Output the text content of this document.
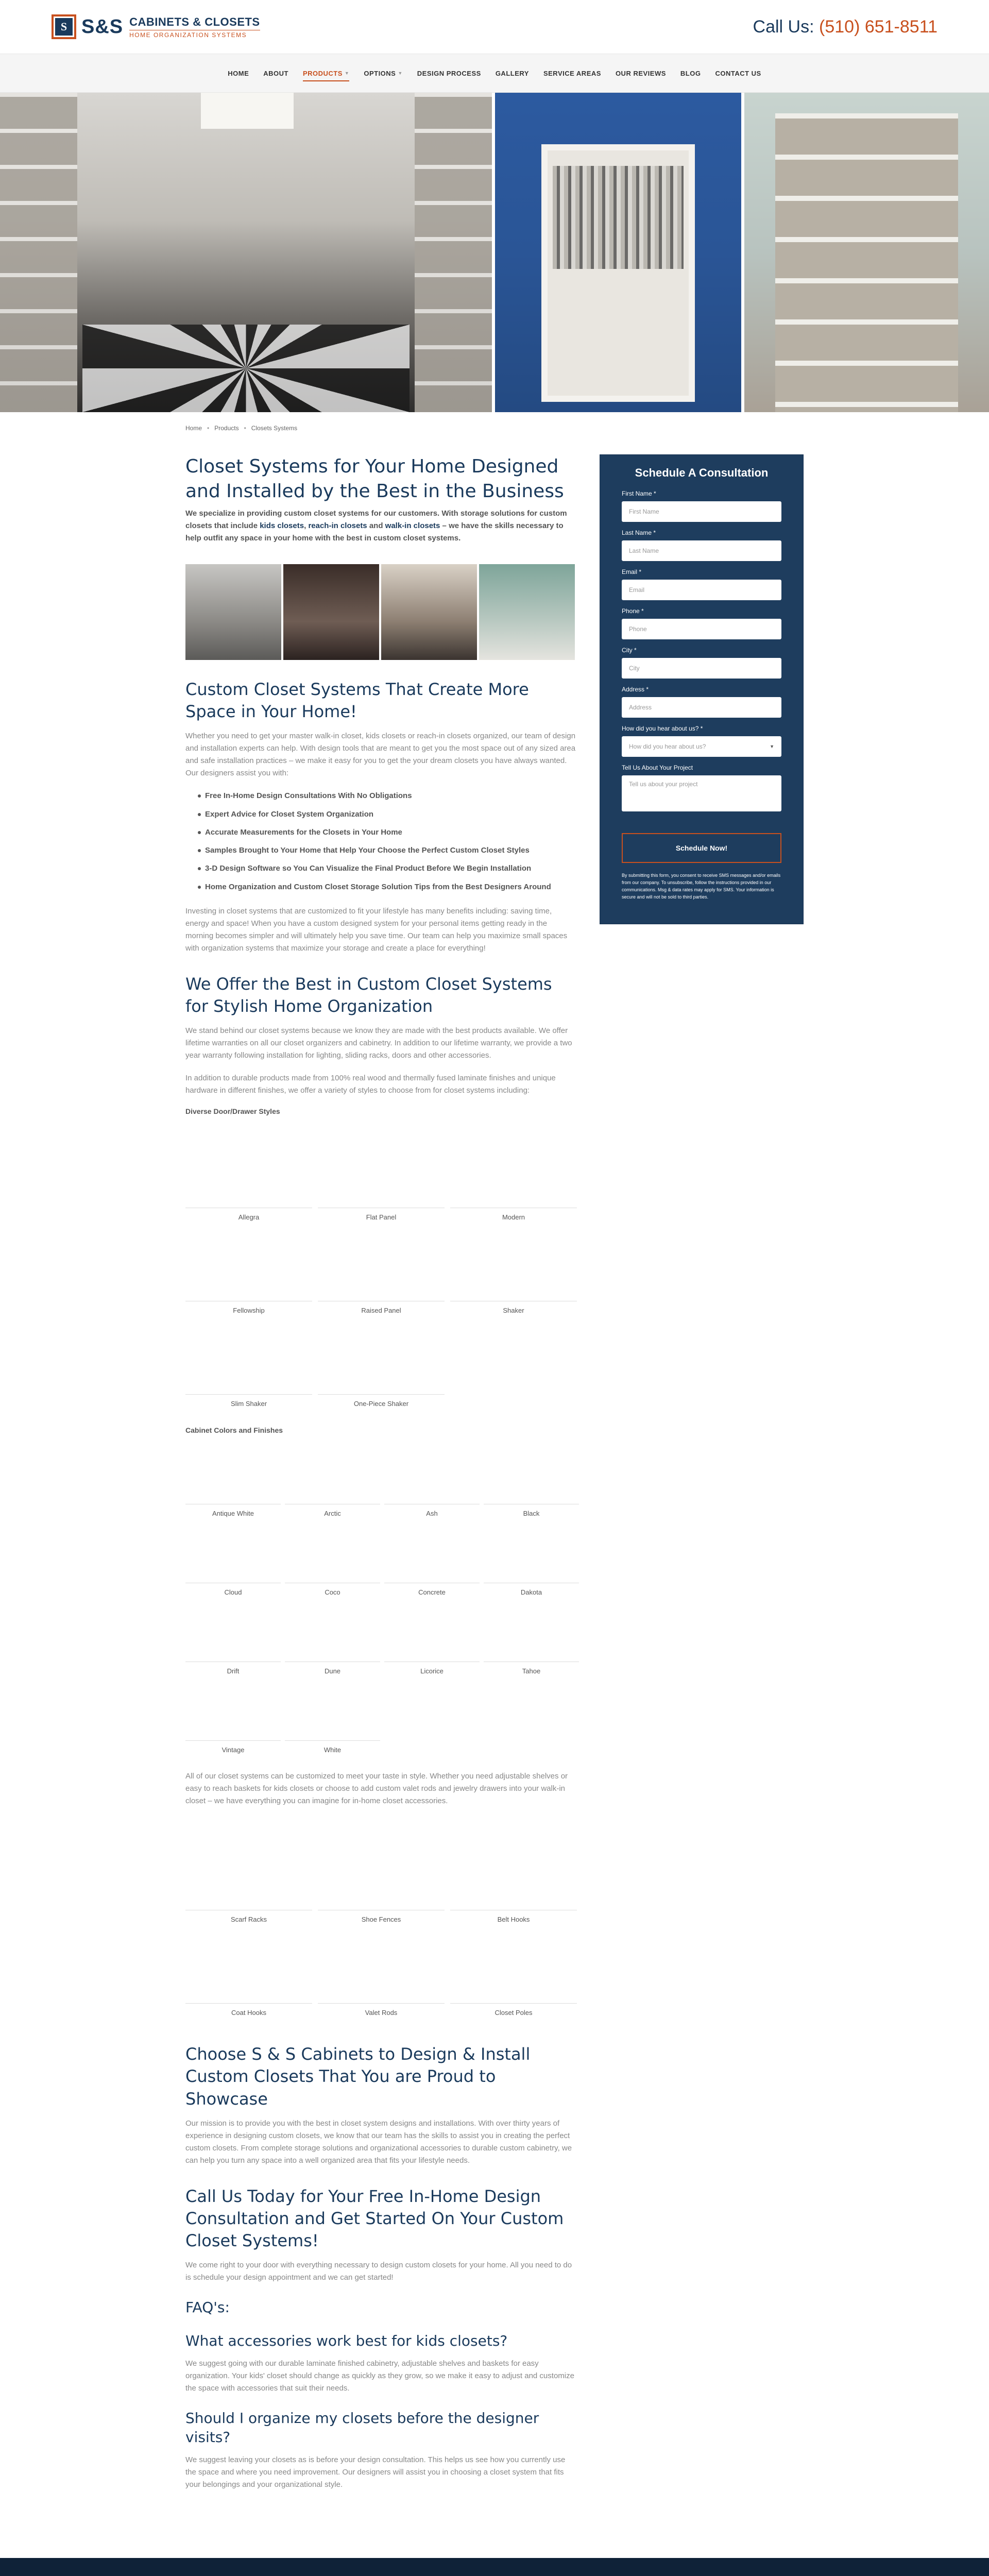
S S&S CABINETS & CLOSETS
HOME ORGANIZATION SYSTEMS	Call Us: (510) 651-8511
HOME	ABOUT	PRODUCTS ▼ OPTIONS ▼	DESIGN PROCESS	GALLERY	SERVICE AREAS	OUR REVIEWS	BLOG	CONTACT US
Home • Products • Closets Systems
Closet Systems for Your Home Designed and Installed by the Best in the Business
We specialize in providing custom closet systems for our customers. With storage solutions for custom closets that include kids closets, reach-in closets and walk-in closets – we have the skills necessary to help outfit any space in your home with the best in custom closet systems.
Custom Closet Systems That Create More Space in Your Home!

Whether you need to get your master walk-in closet, kids closets or reach-in closets organized, our team of design and installation experts can help. With design tools that are meant to get you the most space out of any sized area and safe installation practices – we make it easy for you to get the your dream closets you have always wanted. Our designers assist you with:

Free In-Home Design Consultations With No Obligations
Expert Advice for Closet System Organization
Accurate Measurements for the Closets in Your Home
Samples Brought to Your Home that Help Your Choose the Perfect Custom Closet Styles
3-D Design Software so You Can Visualize the Final Product Before We Begin Installation
Home Organization and Custom Closet Storage Solution Tips from the Best Designers Around

Investing in closet systems that are customized to fit your lifestyle has many benefits including: saving time, energy and space! When you have a custom designed system for your personal items getting ready in the morning becomes simpler and will ultimately help you save time. Our team can help you maximize small spaces with organization systems that maximize your storage and create a place for everything!

We Offer the Best in Custom Closet Systems for Stylish Home Organization

We stand behind our closet systems because we know they are made with the best products available. We offer lifetime warranties on all our closet organizers and cabinetry. In addition to our lifetime warranty, we provide a two year warranty following installation for lighting, sliding racks, doors and other accessories.

In addition to durable products made from 100% real wood and thermally fused laminate finishes and unique hardware in different finishes, we offer a variety of styles to choose from for closet systems including:

Diverse Door/Drawer Styles
Allegra	Flat Panel	Modern
Fellowship	Raised Panel	Shaker
Slim Shaker	One-Piece Shaker
Cabinet Colors and Finishes
Antique White	Arctic	Ash	Black
Cloud	Coco	Concrete	Dakota
Drift	Dune	Licorice	Tahoe
Vintage	White

All of our closet systems can be customized to meet your taste in style. Whether you need adjustable shelves or easy to reach baskets for kids closets or choose to add custom valet rods and jewelry drawers into your walk-in closet – we have everything you can imagine for in-home closet accessories.

Scarf Racks	Shoe Fences	Belt Hooks
Coat Hooks	Valet Rods	Closet Poles
Choose S & S Cabinets to Design & Install Custom Closets That You are Proud to Showcase

Our mission is to provide you with the best in closet system designs and installations. With over thirty years of experience in designing custom closets, we know that our team has the skills to assist you in creating the perfect custom closets. From complete storage solutions and organizational accessories to durable custom cabinetry, we can help you turn any space into a well organized area that fits your lifestyle needs.

Call Us Today for Your Free In-Home Design Consultation and Get Started On Your Custom Closet Systems!

We come right to your door with everything necessary to design custom closets for your home. All you need to do is schedule your design appointment and we can get started!

FAQ's:
What accessories work best for kids closets?

We suggest going with our durable laminate finished cabinetry, adjustable shelves and baskets for easy organization. Your kids' closet should change as quickly as they grow, so we make it easy to adjust and customize the space with accessories that suit their needs.

Should I organize my closets before the designer visits?

We suggest leaving your closets as is before your design consultation. This helps us see how you currently use the space and where you need improvement. Our designers will assist you in choosing a closet system that fits your belongings and your organizational style.

Schedule A Consultation
First Name *
First Name
Last Name *
Last Name
Email *
Email
Phone *
Phone
City *
City
Address *
Address
How did you hear about us? *
How did you hear about us?	▼
Tell Us About Your Project
Tell us about your project
Schedule Now!
By submitting this form, you consent to receive SMS messages and/or emails from our company. To unsubscribe, follow the instructions provided in our communications. Msg & data rates may apply for SMS. Your information is secure and will not be sold to third parties.
